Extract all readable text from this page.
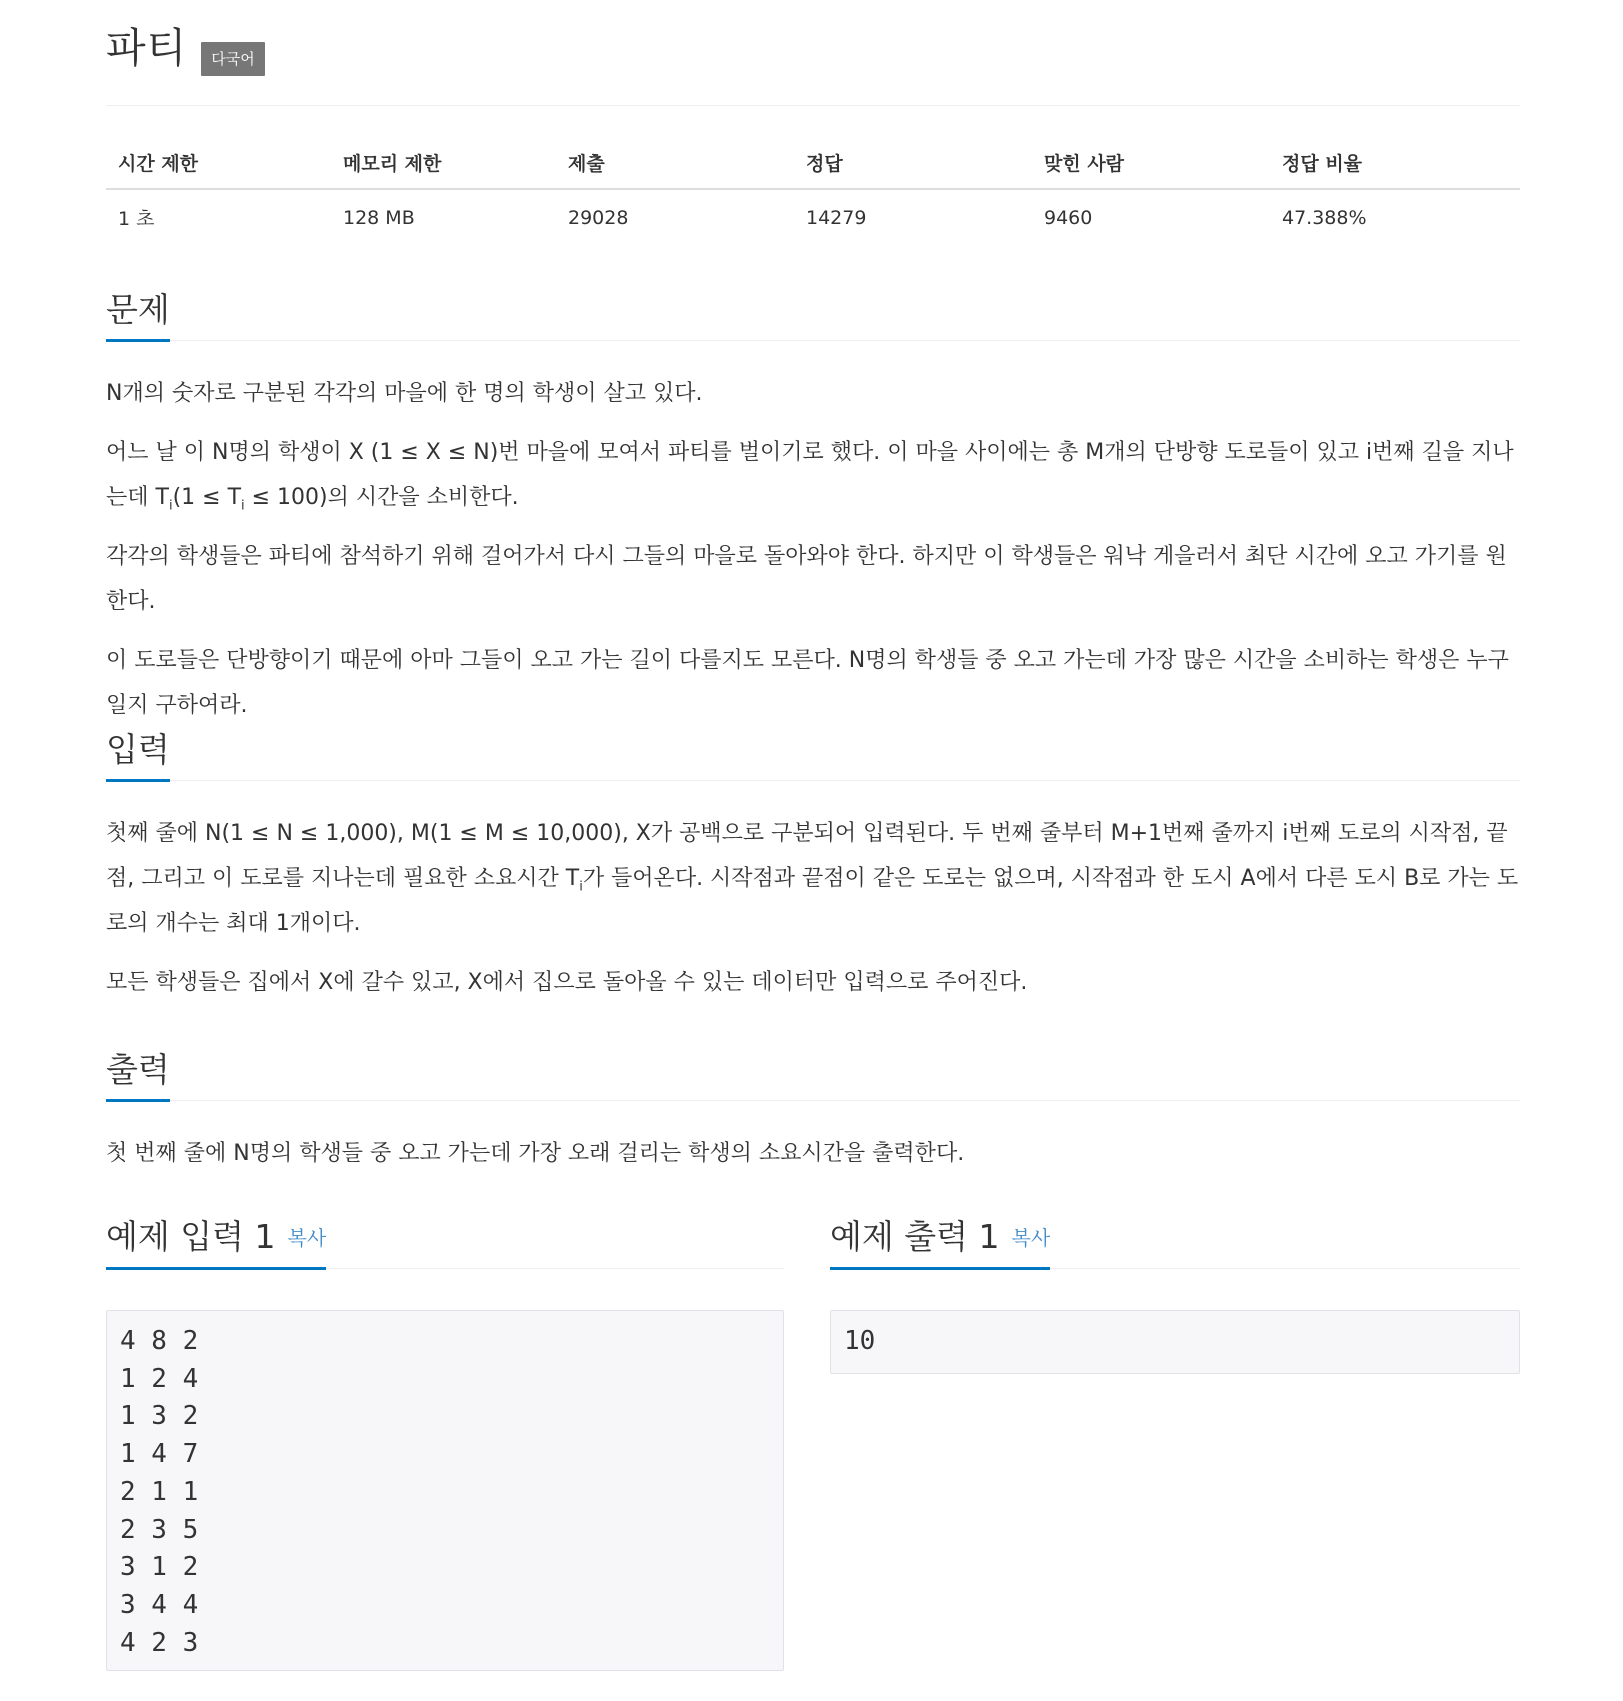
파티	다국어
시간 제한	메모리 제한	제출	정답	맞힌 사람	정답 비율
1 초	128 MB	29028	14279	9460	47.388%
문제

N개의 숫자로 구분된 각각의 마을에 한 명의 학생이 살고 있다.

어느 날 이 N명의 학생이 X (1 ≤ X ≤ N)번 마을에 모여서 파티를 벌이기로 했다. 이 마을 사이에는 총 M개의 단방향 도로들이 있고 i번째 길을 지나는데 $T_i(1 \le T_i \le 100)$의 시간을 소비한다.

각각의 학생들은 파티에 참석하기 위해 걸어가서 다시 그들의 마을로 돌아와야 한다. 하지만 이 학생들은 워낙 게을러서 최단 시간에 오고 가기를 원한다.

이 도로들은 단방향이기 때문에 아마 그들이 오고 가는 길이 다를지도 모른다. N명의 학생들 중 오고 가는데 가장 많은 시간을 소비하는 학생은 누구일지 구하여라.

입력

첫째 줄에 N(1 ≤ N ≤ 1,000), M(1 ≤ M ≤ 10,000), X가 공백으로 구분되어 입력된다. 두 번째 줄부터 M+1번째 줄까지 i번째 도로의 시작점, 끝점, 그리고 이 도로를 지나는데 필요한 소요시간 $T_i$가 들어온다. 시작점과 끝점이 같은 도로는 없으며, 시작점과 한 도시 A에서 다른 도시 B로 가는 도로의 개수는 최대 1개이다.

모든 학생들은 집에서 X에 갈수 있고, X에서 집으로 돌아올 수 있는 데이터만 입력으로 주어진다.

출력

첫 번째 줄에 N명의 학생들 중 오고 가는데 가장 오래 걸리는 학생의 소요시간을 출력한다.

예제 입력 1 복사
4 8 2
1 2 4
1 3 2
1 4 7
2 1 1
2 3 5
3 1 2
3 4 4
4 2 3
예제 출력 1 복사
10
